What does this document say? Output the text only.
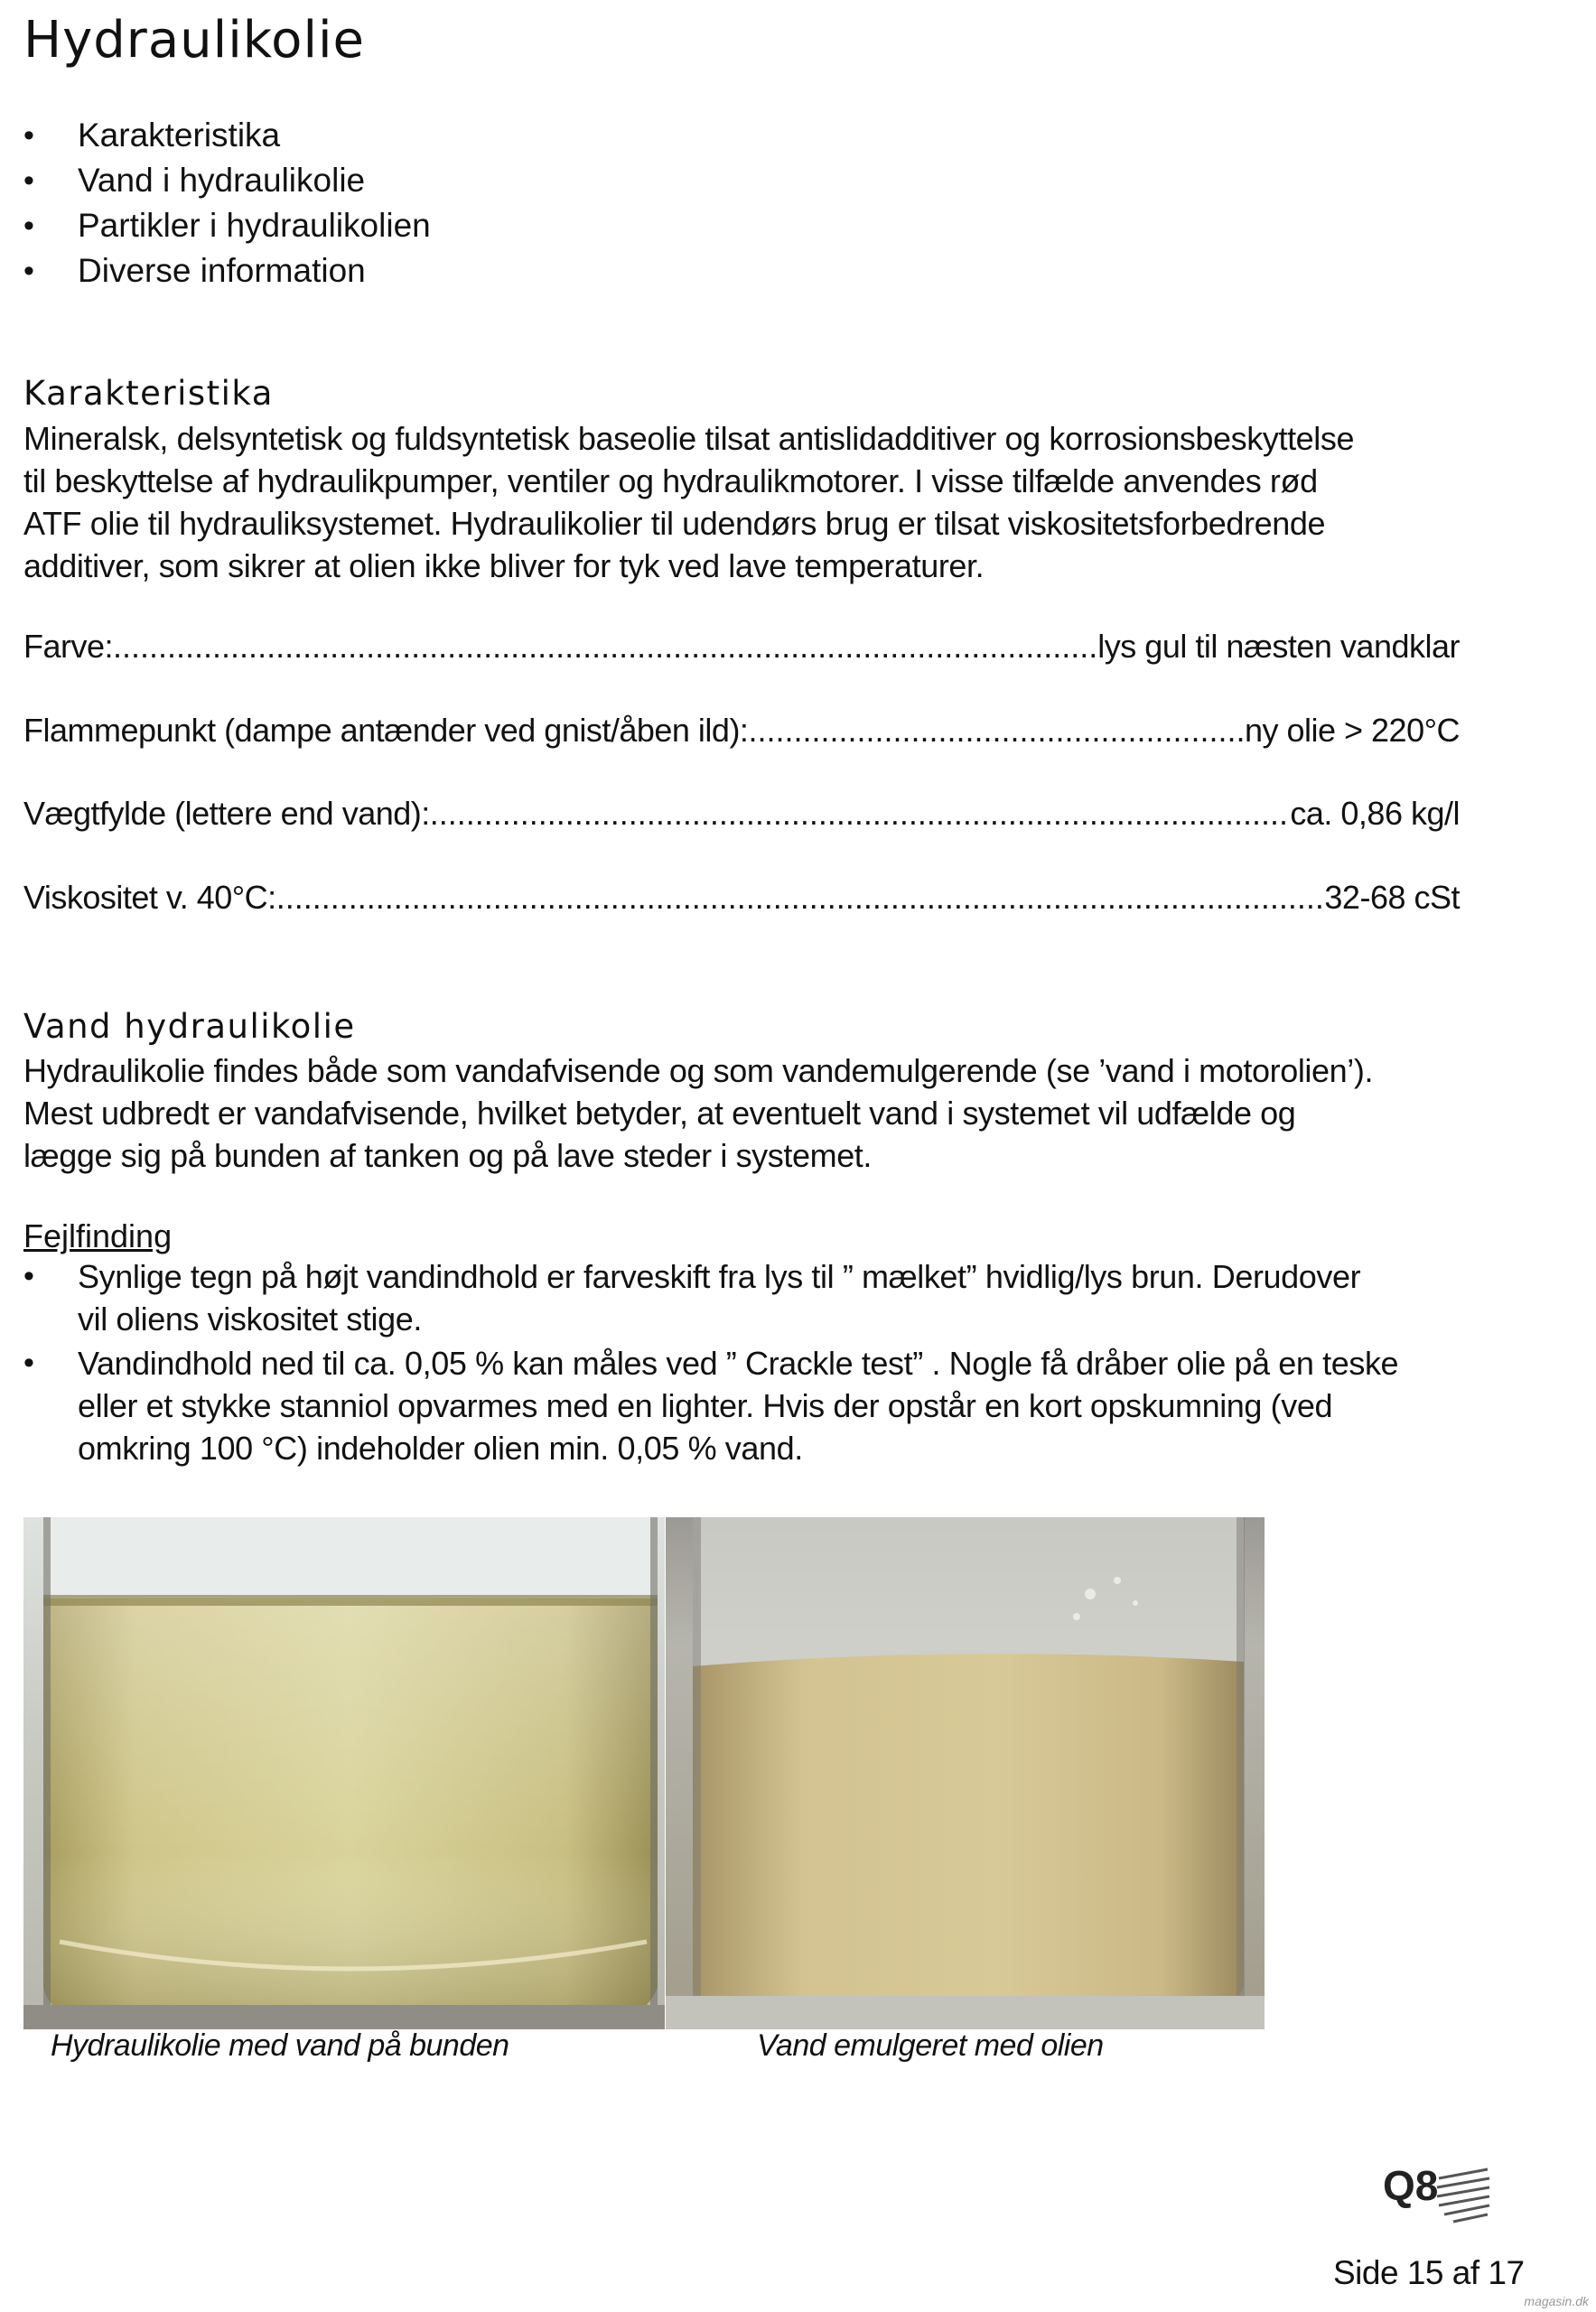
Hydraulikolie
• Karakteristika
• Vand i hydraulikolie
• Partikler i hydraulikolien
• Diverse information
Karakteristika
Mineralsk, delsyntetisk og fuldsyntetisk baseolie tilsat antislidadditiver og korrosionsbeskyttelse
til beskyttelse af hydraulikpumper, ventiler og hydraulikmotorer. I visse tilfælde anvendes rød
ATF olie til hydrauliksystemet. Hydraulikolier til udendørs brug er tilsat viskositetsforbedrende
additiver, som sikrer at olien ikke bliver for tyk ved lave temperaturer.
Farve: .....	lys gul til næsten vandklar
Flammepunkt (dampe antænder ved gnist/åben ild): .....	ny olie > 220°C
Vægtfylde (lettere end vand): .....	ca. 0,86 kg/l
Viskositet v. 40°C: .....	32-68 cSt
Vand hydraulikolie
Hydraulikolie findes både som vandafvisende og som vandemulgerende (se ’vand i motorolien’).
Mest udbredt er vandafvisende, hvilket betyder, at eventuelt vand i systemet vil udfælde og
lægge sig på bunden af tanken og på lave steder i systemet.
Fejlfinding
• Synlige tegn på højt vandindhold er farveskift fra lys til ” mælket” hvidlig/lys brun. Derudover
vil oliens viskositet stige.
• Vandindhold ned til ca. 0,05 % kan måles ved ” Crackle test” . Nogle få dråber olie på en teske
eller et stykke stanniol opvarmes med en lighter. Hvis der opstår en kort opskumning (ved
omkring 100 °C) indeholder olien min. 0,05 % vand.
Hydraulikolie med vand på bunden	Vand emulgeret med olien
Q8
Side 15 af 17
magasin.dk
